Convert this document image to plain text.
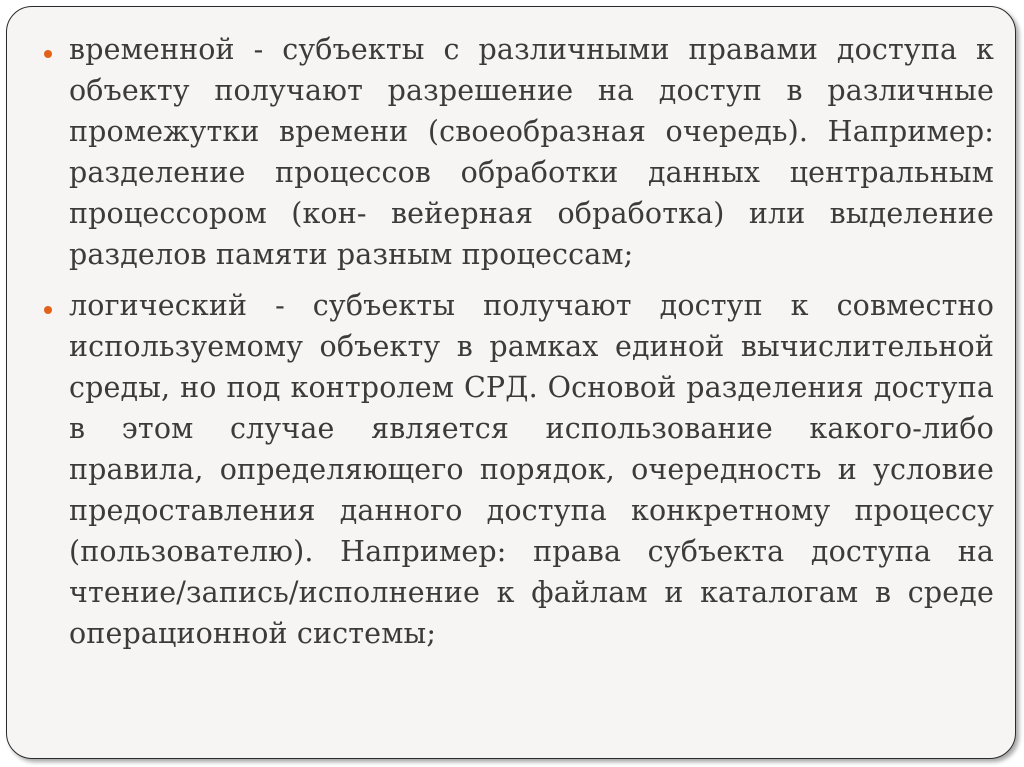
временной - субъекты с различными правами доступа к объекту получают разрешение на доступ в различные промежутки времени (своеобразная очередь). Например: разделение процессов обработки данных центральным процессором (кон- вейерная обработка) или выделение разделов памяти разным процессам;

логический - субъекты получают доступ к совместно используемому объекту в рамках единой вычислительной среды, но под контролем СРД. Основой разделения доступа в этом случае является использование какого-либо правила, определяющего порядок, очередность и условие предоставления данного доступа конкретному процессу (пользователю). Например: права субъекта доступа на чтение/запись/исполнение к файлам и каталогам в среде операционной системы;
